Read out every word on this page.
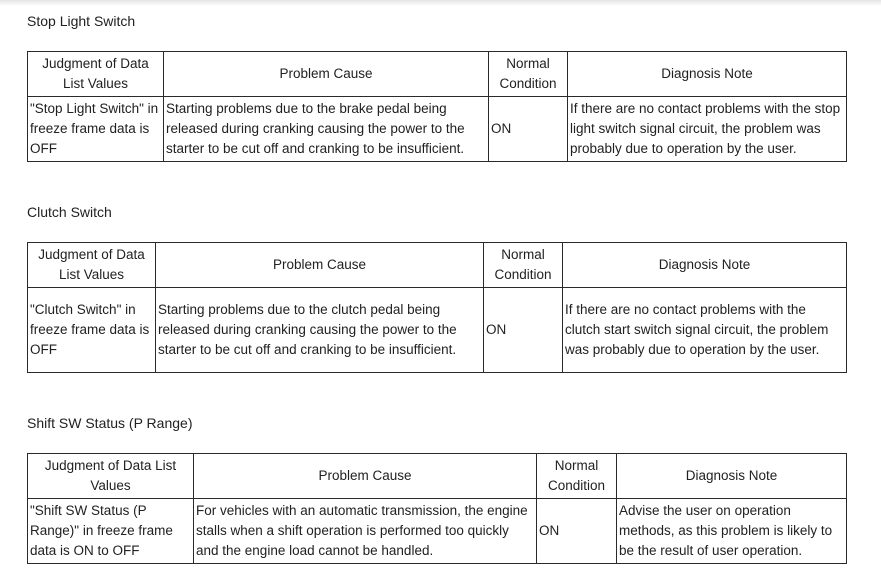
Stop Light Switch
Judgment of Data List Values	Problem Cause	Normal Condition	Diagnosis Note
"Stop Light Switch" in freeze frame data is OFF	Starting problems due to the brake pedal being released during cranking causing the power to the starter to be cut off and cranking to be insufficient.	ON	If there are no contact problems with the stop light switch signal circuit, the problem was probably due to operation by the user.
Clutch Switch
Judgment of Data List Values	Problem Cause	Normal Condition	Diagnosis Note
"Clutch Switch" in freeze frame data is OFF	Starting problems due to the clutch pedal being released during cranking causing the power to the starter to be cut off and cranking to be insufficient.	ON	If there are no contact problems with the clutch start switch signal circuit, the problem was probably due to operation by the user.
Shift SW Status (P Range)
Judgment of Data List Values	Problem Cause	Normal Condition	Diagnosis Note
"Shift SW Status (P Range)" in freeze frame data is ON to OFF	For vehicles with an automatic transmission, the engine stalls when a shift operation is performed too quickly and the engine load cannot be handled.	ON	Advise the user on operation methods, as this problem is likely to be the result of user operation.
